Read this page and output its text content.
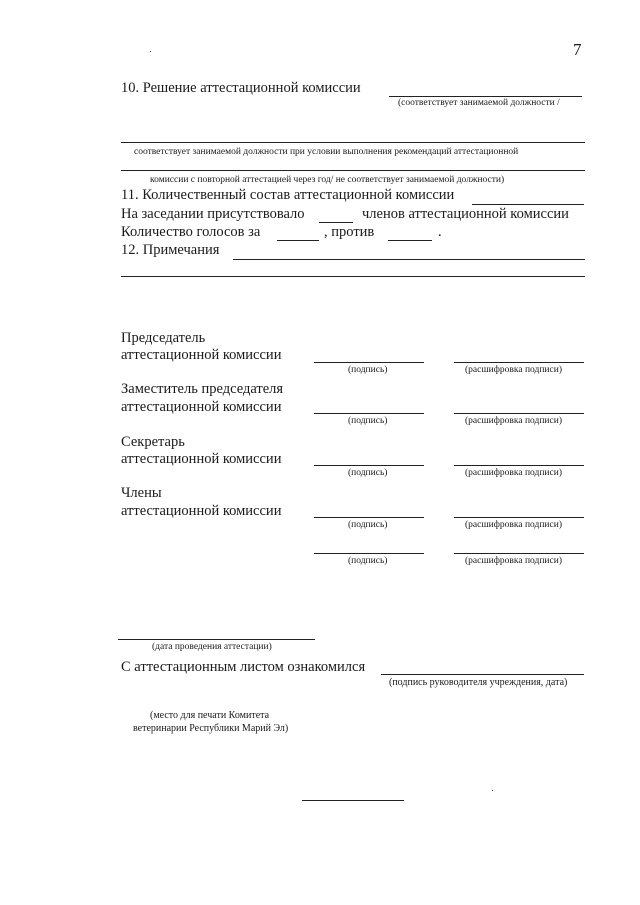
7
10. Решение аттестационной комиссии
(соответствует занимаемой должности /
соответствует занимаемой должности при условии выполнения рекомендаций аттестационной
комиссии с повторной аттестацией через год/ не соответствует занимаемой должности)
11. Количественный состав аттестационной комиссии
На заседании присутствовало	членов аттестационной комиссии
Количество голосов за	, против	.
12. Примечания
Председатель
аттестационной комиссии
(подпись)	(расшифровка подписи)
Заместитель председателя
аттестационной комиссии
(подпись)	(расшифровка подписи)
Секретарь
аттестационной комиссии
(подпись)	(расшифровка подписи)
Члены
аттестационной комиссии
(подпись)	(расшифровка подписи)
(подпись)	(расшифровка подписи)
(дата проведения аттестации)
С аттестационным листом ознакомился
(подпись руководителя учреждения, дата)
(место для печати Комитета
ветеринарии Республики Марий Эл)
